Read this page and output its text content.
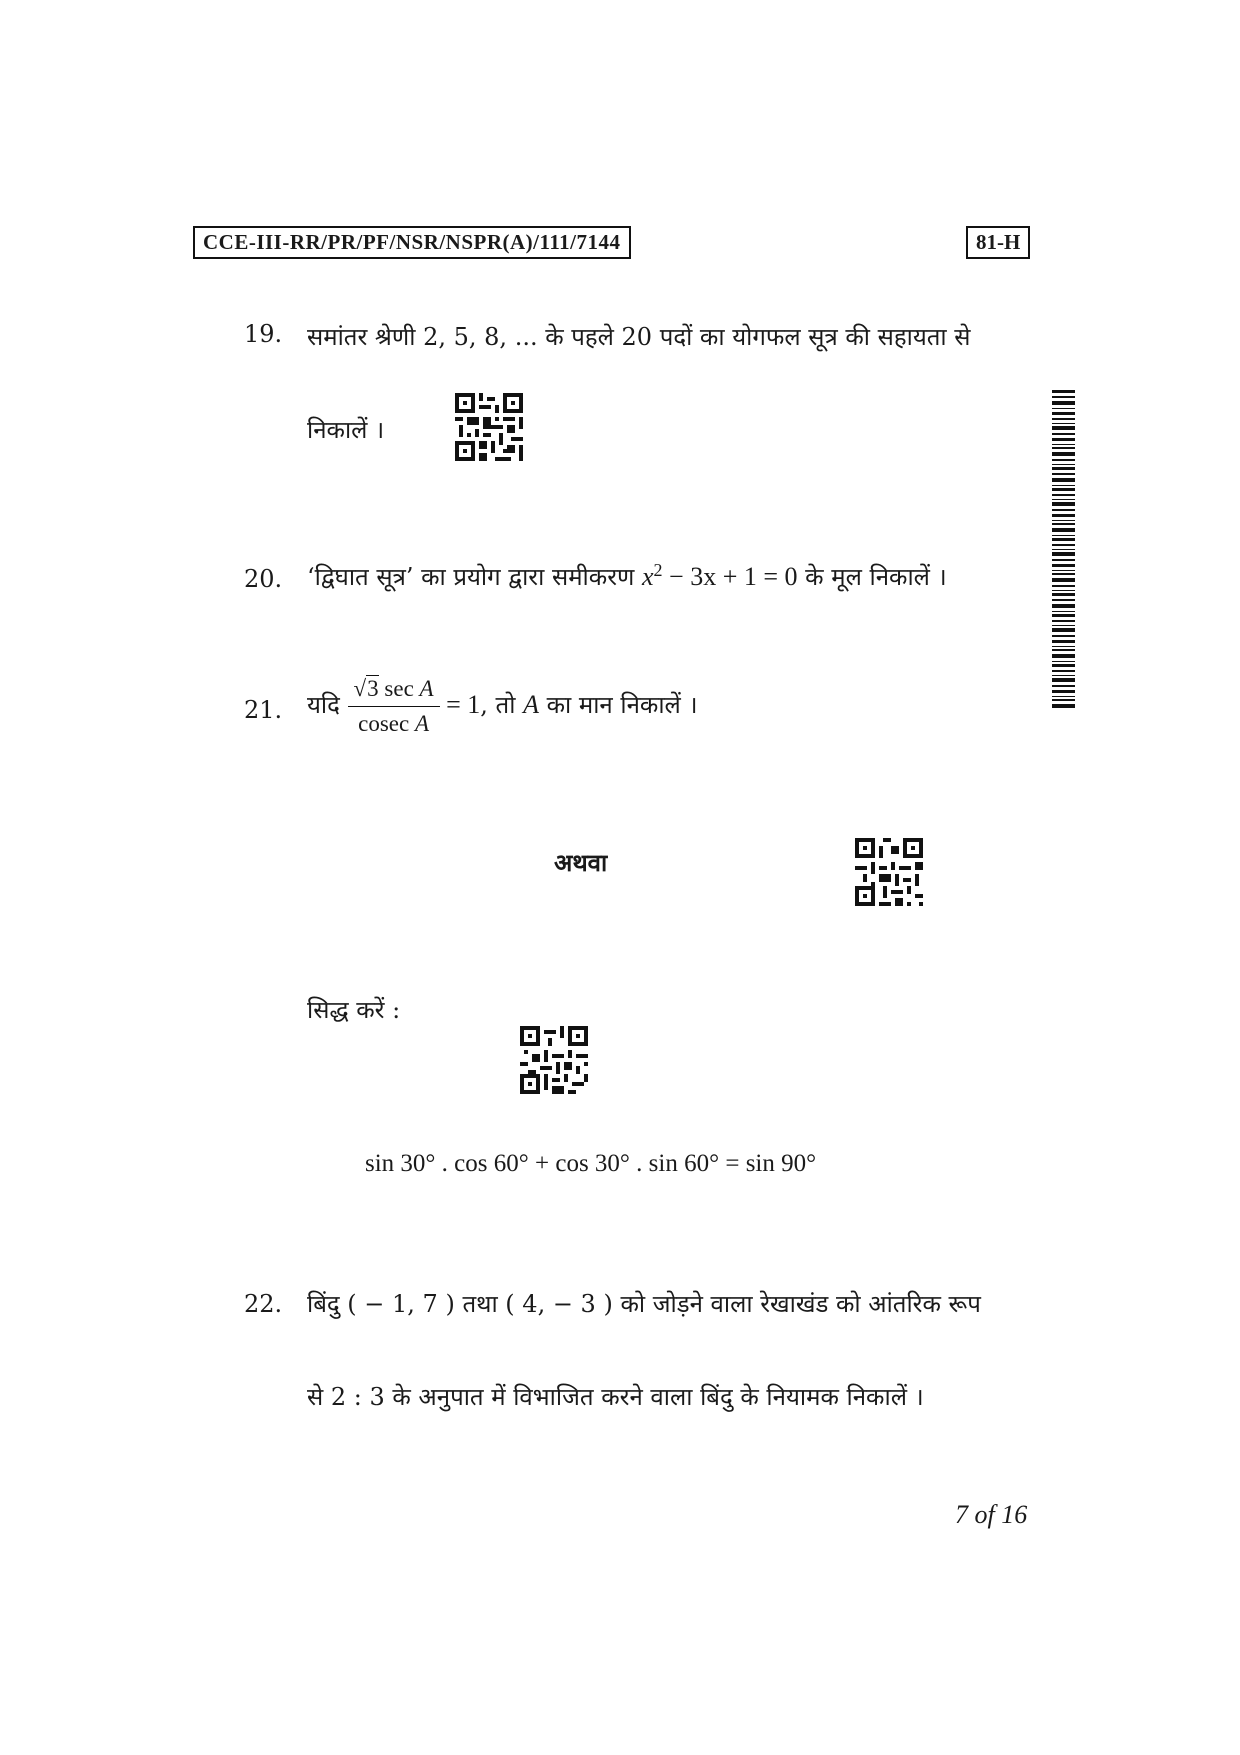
CCE-III-RR/PR/PF/NSR/NSPR(A)/111/7144	81-H
19. समांतर श्रेणी 2, 5, 8, ... के पहले 20 पदों का योगफल सूत्र की सहायता से
निकालें ।
20. ‘द्विघात सूत्र’ का प्रयोग द्वारा समीकरण $x^2 - 3x + 1 = 0$ के मूल निकालें ।
21. यदि $\frac{\text{√3 sec A}}{\text{cosec A}} = 1$, तो A का मान निकालें ।
अथवा
सिद्ध करें :
sin 30° . cos 60° + cos 30° . sin 60° = sin 90°
22. बिंदु ( − 1, 7 ) तथा ( 4, − 3 ) को जोड़ने वाला रेखाखंड को आंतरिक रूप
से 2 : 3 के अनुपात में विभाजित करने वाला बिंदु के नियामक निकालें ।
7 of 16
